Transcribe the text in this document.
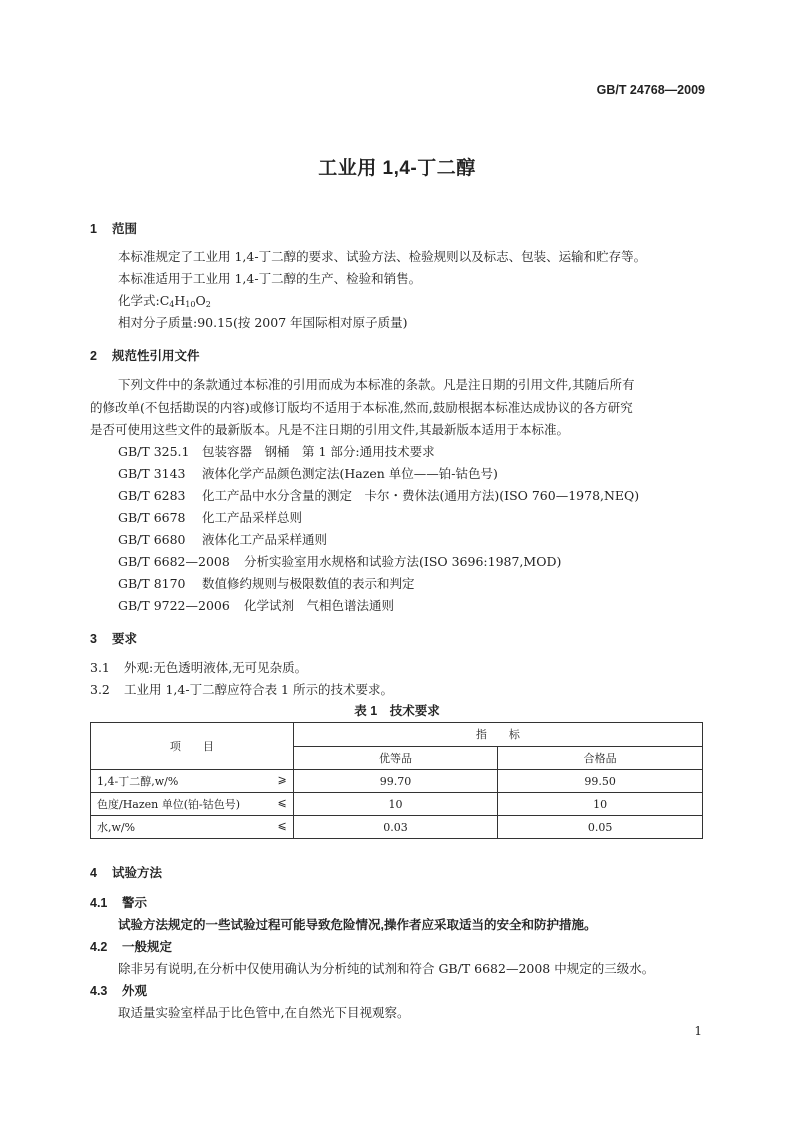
GB/T 24768—2009
工业用 1,4-丁二醇
1 范围
本标准规定了工业用 1,4-丁二醇的要求、试验方法、检验规则以及标志、包装、运输和贮存等。
本标准适用于工业用 1,4-丁二醇的生产、检验和销售。
化学式$:C_4H_{10}O_2$
相对分子质量:90.15(按 2007 年国际相对原子质量)
2 规范性引用文件
下列文件中的条款通过本标准的引用而成为本标准的条款。凡是注日期的引用文件,其随后所有
的修改单(不包括勘误的内容)或修订版均不适用于本标准,然而,鼓励根据本标准达成协议的各方研究
是否可使用这些文件的最新版本。凡是不注日期的引用文件,其最新版本适用于本标准。
GB/T 325.1 包装容器　钢桶　第 1 部分:通用技术要求
GB/T 3143 液体化学产品颜色测定法(Hazen 单位——铂-钴色号)
GB/T 6283 化工产品中水分含量的测定　卡尔・费休法(通用方法)(ISO 760—1978,NEQ)
GB/T 6678 化工产品采样总则
GB/T 6680 液体化工产品采样通则
GB/T 6682—2008 分析实验室用水规格和试验方法(ISO 3696:1987,MOD)
GB/T 8170 数值修约规则与极限数值的表示和判定
GB/T 9722—2006 化学试剂　气相色谱法通则
3 要求
3.1 外观:无色透明液体,无可见杂质。
3.2 工业用 1,4-丁二醇应符合表 1 所示的技术要求。
表 1　技术要求
项　　目	指　　标	
	优等品	合格品

1,4-丁二醇,w/% ⩾	99.70	99.50

色度/Hazen 单位(铂-钴色号) ⩽	10	10

水,w/% ⩽	0.03	0.05
4 试验方法
4.1 警示
试验方法规定的一些试验过程可能导致危险情况,操作者应采取适当的安全和防护措施。
4.2 一般规定
除非另有说明,在分析中仅使用确认为分析纯的试剂和符合 GB/T 6682—2008 中规定的三级水。
4.3 外观
取适量实验室样品于比色管中,在自然光下目视观察。
1
